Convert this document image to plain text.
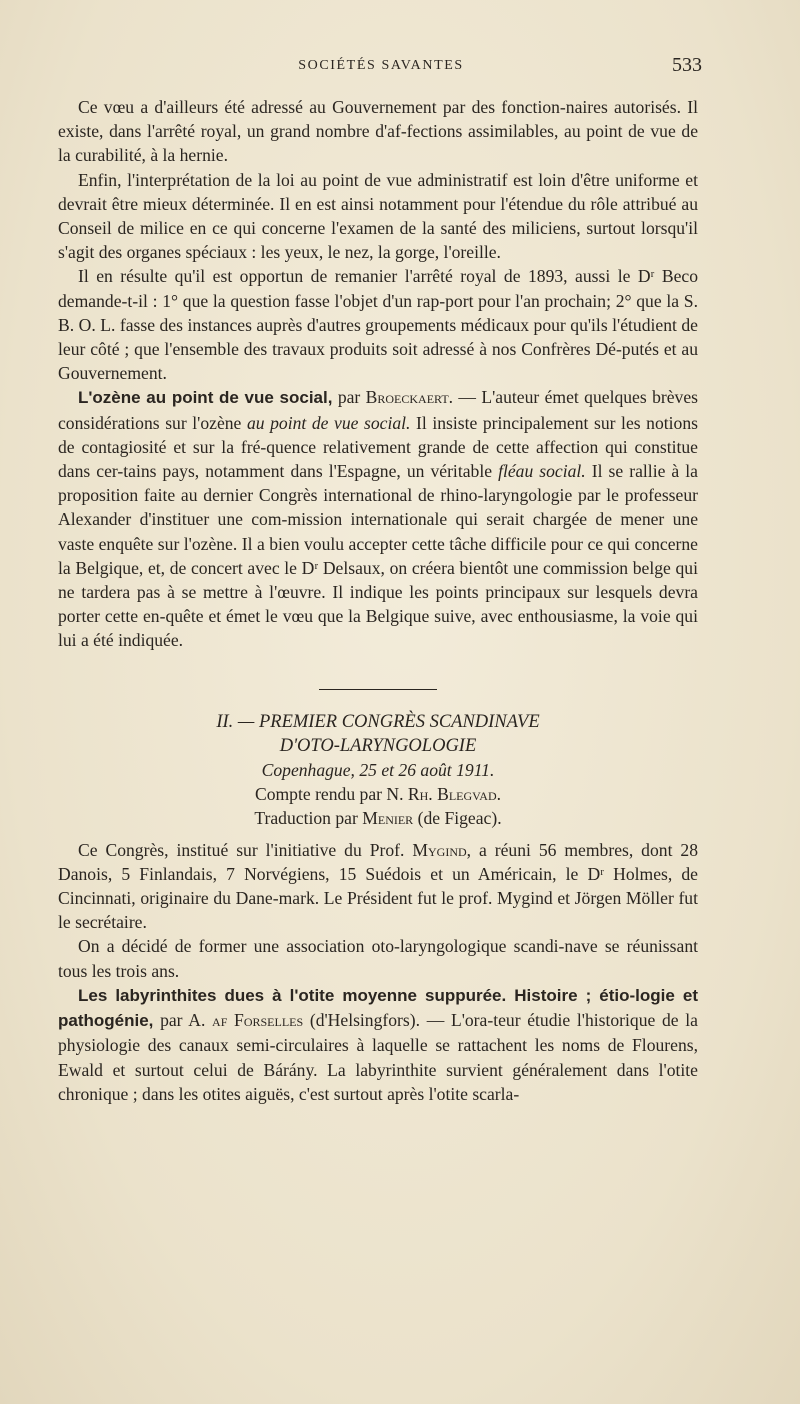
SOCIÉTÉS SAVANTES	533

Ce vœu a d'ailleurs été adressé au Gouvernement par des fonction-naires autorisés. Il existe, dans l'arrêté royal, un grand nombre d'af-fections assimilables, au point de vue de la curabilité, à la hernie.

Enfin, l'interprétation de la loi au point de vue administratif est loin d'être uniforme et devrait être mieux déterminée. Il en est ainsi notamment pour l'étendue du rôle attribué au Conseil de milice en ce qui concerne l'examen de la santé des miliciens, surtout lorsqu'il s'agit des organes spéciaux : les yeux, le nez, la gorge, l'oreille.

Il en résulte qu'il est opportun de remanier l'arrêté royal de 1893, aussi le Dʳ Beco demande-t-il : 1° que la question fasse l'objet d'un rap-port pour l'an prochain; 2° que la S. B. O. L. fasse des instances auprès d'autres groupements médicaux pour qu'ils l'étudient de leur côté ; que l'ensemble des travaux produits soit adressé à nos Confrères Dé-putés et au Gouvernement.

L'ozène au point de vue social, par Broeckaert. — L'auteur émet quelques brèves considérations sur l'ozène au point de vue social. Il insiste principalement sur les notions de contagiosité et sur la fré-quence relativement grande de cette affection qui constitue dans cer-tains pays, notamment dans l'Espagne, un véritable fléau social. Il se rallie à la proposition faite au dernier Congrès international de rhino-laryngologie par le professeur Alexander d'instituer une com-mission internationale qui serait chargée de mener une vaste enquête sur l'ozène. Il a bien voulu accepter cette tâche difficile pour ce qui concerne la Belgique, et, de concert avec le Dʳ Delsaux, on créera bientôt une commission belge qui ne tardera pas à se mettre à l'œuvre. Il indique les points principaux sur lesquels devra porter cette en-quête et émet le vœu que la Belgique suive, avec enthousiasme, la voie qui lui a été indiquée.

II. — PREMIER CONGRÈS SCANDINAVE
D'OTO-LARYNGOLOGIE
Copenhague, 25 et 26 août 1911.
Compte rendu par N. Rh. Blegvad.
Traduction par Menier (de Figeac).

Ce Congrès, institué sur l'initiative du Prof. Mygind, a réuni 56 membres, dont 28 Danois, 5 Finlandais, 7 Norvégiens, 15 Suédois et un Américain, le Dʳ Holmes, de Cincinnati, originaire du Dane-mark. Le Président fut le prof. Mygind et Jörgen Möller fut le secrétaire.

On a décidé de former une association oto-laryngologique scandi-nave se réunissant tous les trois ans.

Les labyrinthites dues à l'otite moyenne suppurée. Histoire ; étio-logie et pathogénie, par A. af Forselles (d'Helsingfors). — L'ora-teur étudie l'historique de la physiologie des canaux semi-circulaires à laquelle se rattachent les noms de Flourens, Ewald et surtout celui de Bárány. La labyrinthite survient généralement dans l'otite chronique ; dans les otites aiguës, c'est surtout après l'otite scarla-
